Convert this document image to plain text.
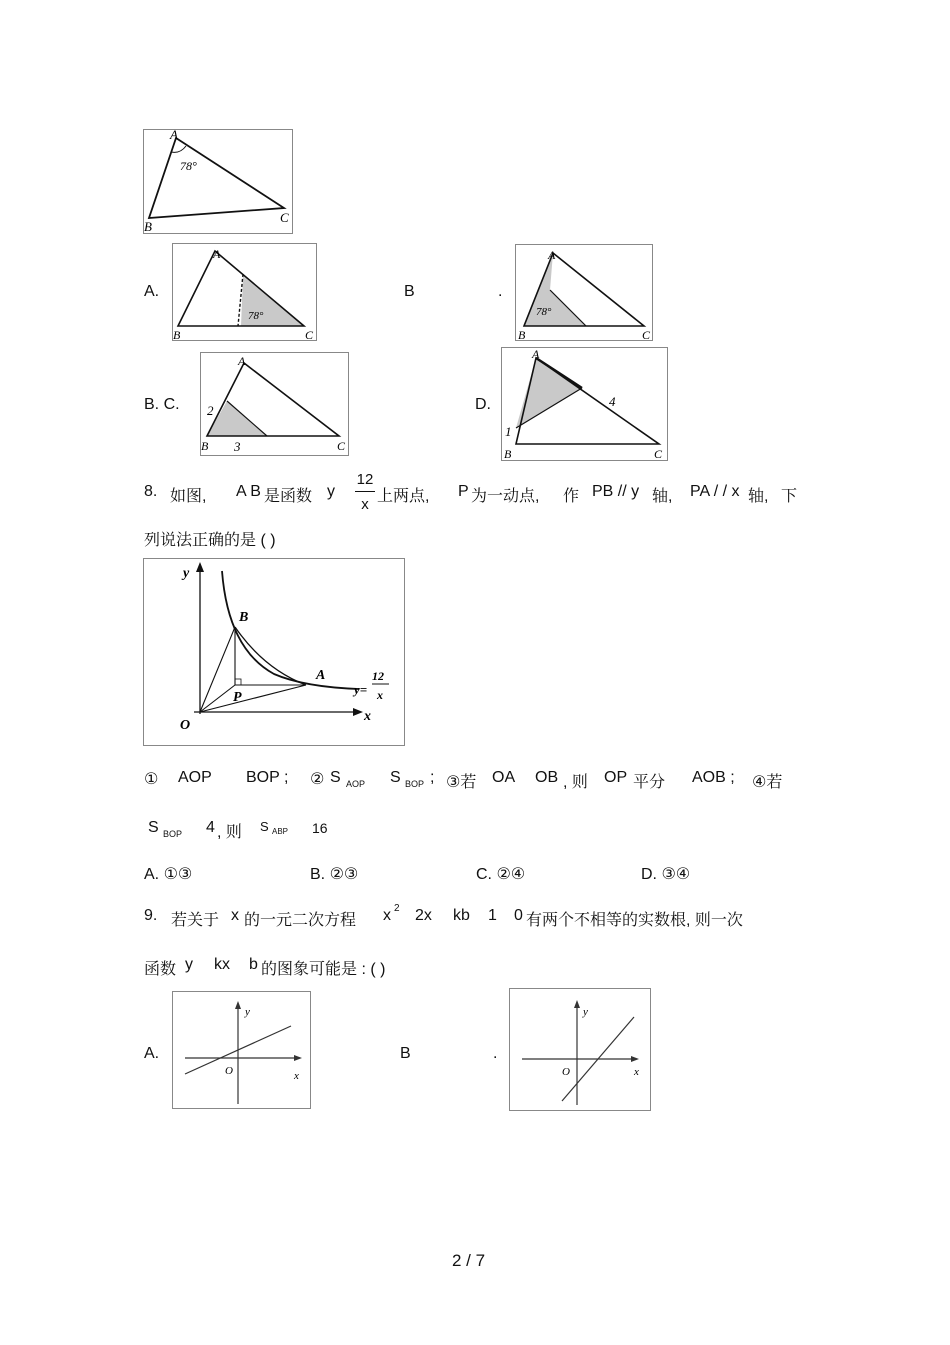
A
B
C
78°
A.
A
B	C
78°
B	.
A
B	C
78°
B. C.
A
B	C
2
3
D.
A
B	C
1
4
8. 如图, A B 是函数 y
12
x 上两点, P 为一动点, 作 PB // y 轴, PA / / x 轴, 下
列说法正确的是 ( )
y
x
O
B
A
P
y=
12
x
① AOP BOP ; ② S AOP S BOP ; ③若 OA OB , 则 OP 平分 AOB ; ④若
S BOP 4 , 则 S ABP 16
A. ①③	B. ②③	C. ②④	D. ③④
9. 若关于 x 的一元二次方程 x 2 2x kb 1 0 有两个不相等的实数根, 则一次
函数 y kx b 的图象可能是 : ( )
A.
y
x
O
B	.
y
x
O
2 / 7
